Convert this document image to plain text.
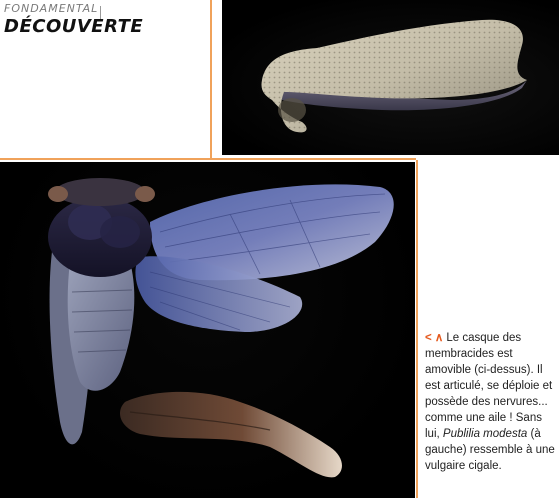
FONDAMENTAL
DÉCOUVERTE
< ∧ Le casque des membracides est amovible (ci-dessus). Il est articulé, se déploie et possède des nervures... comme une aile ! Sans lui, Publilia modesta (à gauche) ressemble à une vulgaire cigale.
